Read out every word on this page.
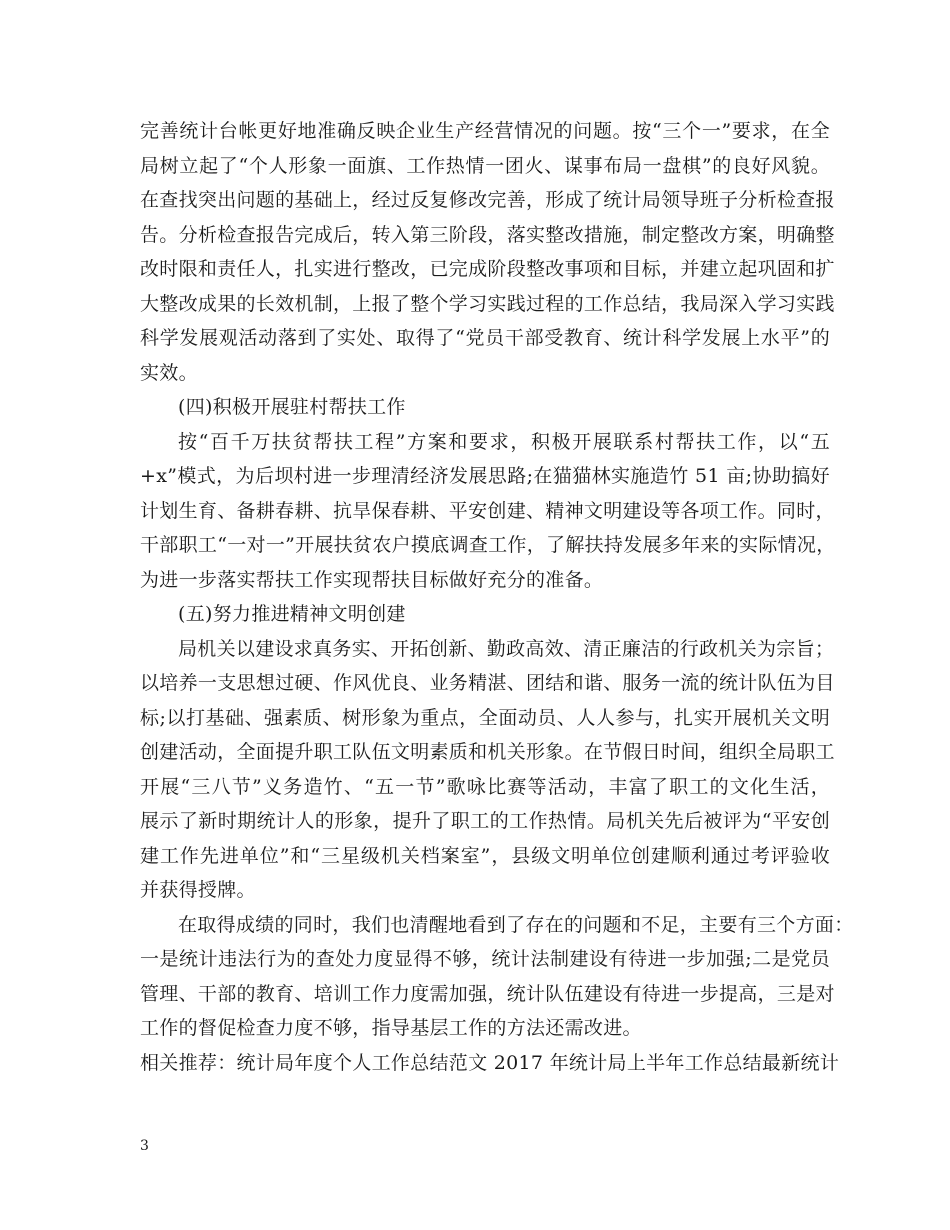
完善统计台帐更好地准确反映企业生产经营情况的问题。按“三个一”要求，在全
局树立起了“个人形象一面旗、工作热情一团火、谋事布局一盘棋”的良好风貌。
在查找突出问题的基础上，经过反复修改完善，形成了统计局领导班子分析检查报
告。分析检查报告完成后，转入第三阶段，落实整改措施，制定整改方案，明确整
改时限和责任人，扎实进行整改，已完成阶段整改事项和目标，并建立起巩固和扩
大整改成果的长效机制，上报了整个学习实践过程的工作总结，我局深入学习实践
科学发展观活动落到了实处、取得了“党员干部受教育、统计科学发展上水平”的
实效。
(四)积极开展驻村帮扶工作
按“百千万扶贫帮扶工程”方案和要求，积极开展联系村帮扶工作，以“五
+x”模式，为后坝村进一步理清经济发展思路;在猫猫林实施造竹 51 亩;协助搞好
计划生育、备耕春耕、抗旱保春耕、平安创建、精神文明建设等各项工作。同时，
干部职工“一对一”开展扶贫农户摸底调查工作，了解扶持发展多年来的实际情况，
为进一步落实帮扶工作实现帮扶目标做好充分的准备。
(五)努力推进精神文明创建
局机关以建设求真务实、开拓创新、勤政高效、清正廉洁的行政机关为宗旨；
以培养一支思想过硬、作风优良、业务精湛、团结和谐、服务一流的统计队伍为目
标;以打基础、强素质、树形象为重点，全面动员、人人参与，扎实开展机关文明
创建活动，全面提升职工队伍文明素质和机关形象。在节假日时间，组织全局职工
开展“三八节”义务造竹、“五一节”歌咏比赛等活动，丰富了职工的文化生活，
展示了新时期统计人的形象，提升了职工的工作热情。局机关先后被评为“平安创
建工作先进单位”和“三星级机关档案室”，县级文明单位创建顺利通过考评验收
并获得授牌。
在取得成绩的同时，我们也清醒地看到了存在的问题和不足，主要有三个方面：
一是统计违法行为的查处力度显得不够，统计法制建设有待进一步加强;二是党员
管理、干部的教育、培训工作力度需加强，统计队伍建设有待进一步提高，三是对
工作的督促检查力度不够，指导基层工作的方法还需改进。
相关推荐：统计局年度个人工作总结范文 2017 年统计局上半年工作总结最新统计
3
